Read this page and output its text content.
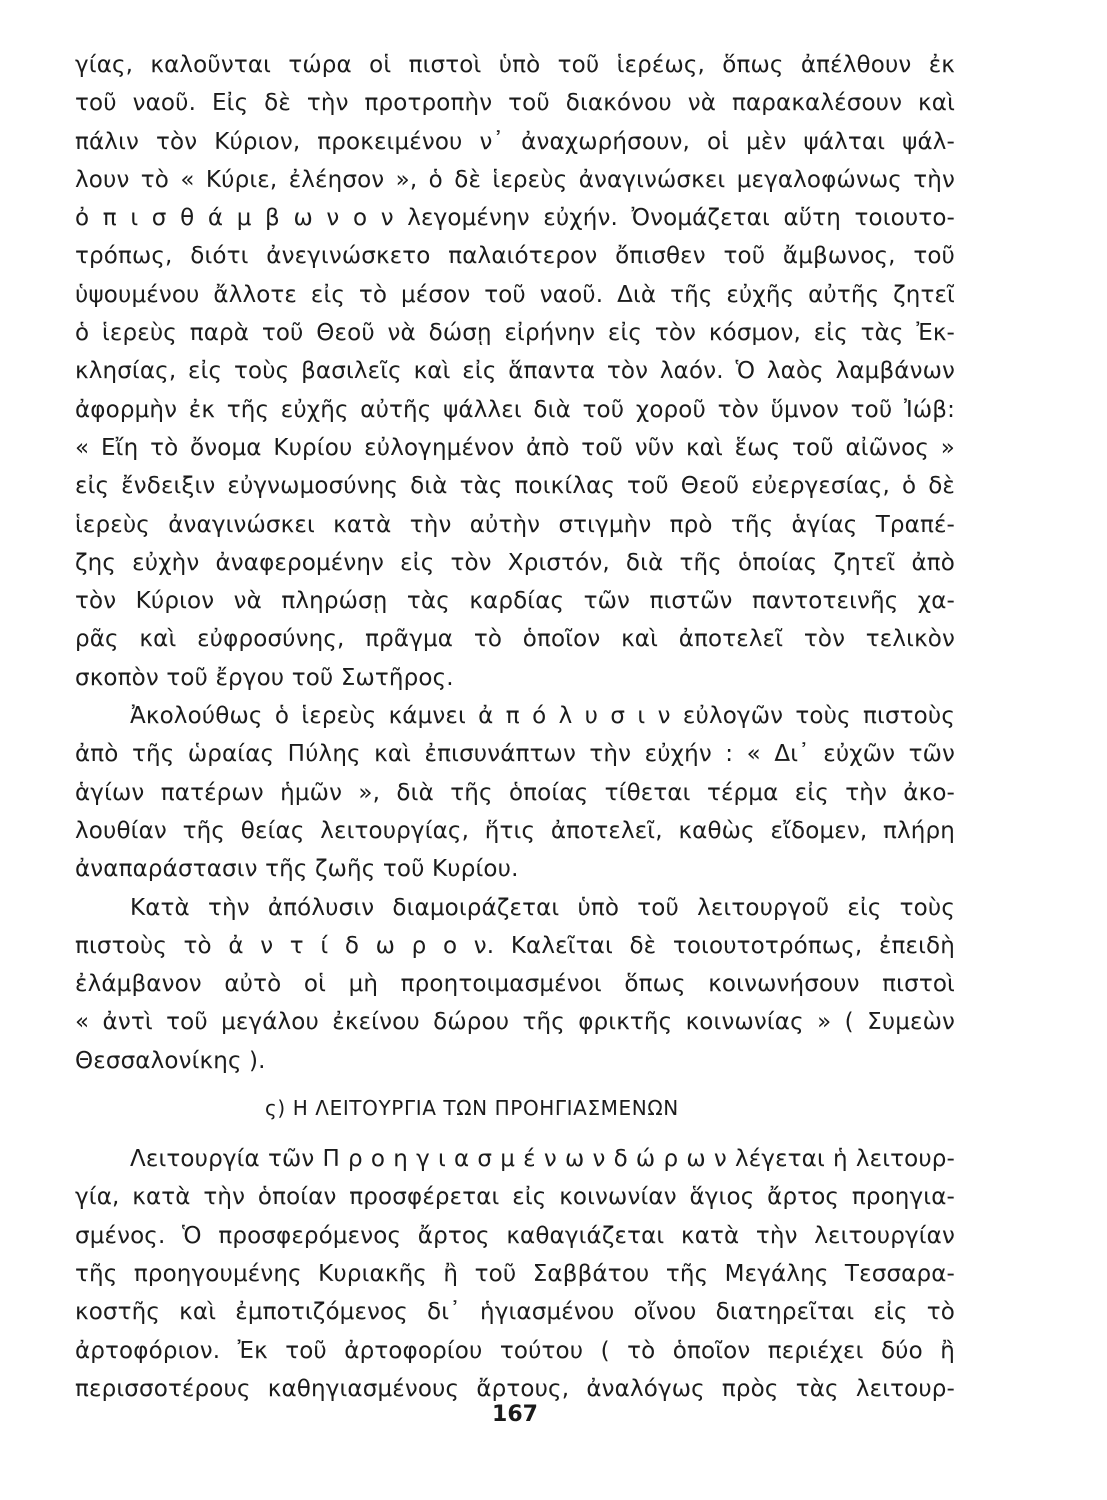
γίας, καλοῦνται τώρα οἱ πιστοὶ ὑπὸ τοῦ ἱερέως, ὅπως ἀπέλθουν ἐκ
τοῦ ναοῦ. Εἰς δὲ τὴν προτροπὴν τοῦ διακόνου νὰ παρακαλέσουν καὶ
πάλιν τὸν Κύριον, προκειμένου ν᾽ ἀναχωρήσουν, οἱ μὲν ψάλται ψάλ-
λουν τὸ « Κύριε, ἐλέησον », ὁ δὲ ἱερεὺς ἀναγινώσκει μεγαλοφώνως τὴν
ὀ π ι σ θ ά μ β ω ν ο ν λεγομένην εὐχήν. Ὀνομάζεται αὕτη τοιουτο-
τρόπως, διότι ἀνεγινώσκετο παλαιότερον ὄπισθεν τοῦ ἄμβωνος, τοῦ
ὑψουμένου ἄλλοτε εἰς τὸ μέσον τοῦ ναοῦ. Διὰ τῆς εὐχῆς αὐτῆς ζητεῖ
ὁ ἱερεὺς παρὰ τοῦ Θεοῦ νὰ δώσῃ εἰρήνην εἰς τὸν κόσμον, εἰς τὰς Ἐκ-
κλησίας, εἰς τοὺς βασιλεῖς καὶ εἰς ἅπαντα τὸν λαόν. Ὁ λαὸς λαμβάνων
ἀφορμὴν ἐκ τῆς εὐχῆς αὐτῆς ψάλλει διὰ τοῦ χοροῦ τὸν ὕμνον τοῦ Ἰώβ:
« Εἴη τὸ ὄνομα Κυρίου εὐλογημένον ἀπὸ τοῦ νῦν καὶ ἕως τοῦ αἰῶνος »
εἰς ἔνδειξιν εὐγνωμοσύνης διὰ τὰς ποικίλας τοῦ Θεοῦ εὐεργεσίας, ὁ δὲ
ἱερεὺς ἀναγινώσκει κατὰ τὴν αὐτὴν στιγμὴν πρὸ τῆς ἁγίας Τραπέ-
ζης εὐχὴν ἀναφερομένην εἰς τὸν Χριστόν, διὰ τῆς ὁποίας ζητεῖ ἀπὸ
τὸν Κύριον νὰ πληρώσῃ τὰς καρδίας τῶν πιστῶν παντοτεινῆς χα-
ρᾶς καὶ εὐφροσύνης, πρᾶγμα τὸ ὁποῖον καὶ ἀποτελεῖ τὸν τελικὸν
σκοπὸν τοῦ ἔργου τοῦ Σωτῆρος.
Ἀκολούθως ὁ ἱερεὺς κάμνει ἀ π ό λ υ σ ι ν εὐλογῶν τοὺς πιστοὺς
ἀπὸ τῆς ὡραίας Πύλης καὶ ἐπισυνάπτων τὴν εὐχήν : « Δι᾽ εὐχῶν τῶν
ἁγίων πατέρων ἡμῶν », διὰ τῆς ὁποίας τίθεται τέρμα εἰς τὴν ἀκο-
λουθίαν τῆς θείας λειτουργίας, ἥτις ἀποτελεῖ, καθὼς εἴδομεν, πλήρη
ἀναπαράστασιν τῆς ζωῆς τοῦ Κυρίου.
Κατὰ τὴν ἀπόλυσιν διαμοιράζεται ὑπὸ τοῦ λειτουργοῦ εἰς τοὺς
πιστοὺς τὸ ἀ ν τ ί δ ω ρ ο ν. Καλεῖται δὲ τοιουτοτρόπως, ἐπειδὴ
ἐλάμβανον αὐτὸ οἱ μὴ προητοιμασμένοι ὅπως κοινωνήσουν πιστοὶ
« ἀντὶ τοῦ μεγάλου ἐκείνου δώρου τῆς φρικτῆς κοινωνίας » ( Συμεὼν
Θεσσαλονίκης ).
ς) Η ΛΕΙΤΟΥΡΓΙΑ ΤΩΝ ΠΡΟΗΓΙΑΣΜΕΝΩΝ
Λειτουργία τῶν Π ρ ο η γ ι α σ μ έ ν ω ν δ ώ ρ ω ν λέγεται ἡ λειτουρ-
γία, κατὰ τὴν ὁποίαν προσφέρεται εἰς κοινωνίαν ἅγιος ἄρτος προηγια-
σμένος. Ὁ προσφερόμενος ἄρτος καθαγιάζεται κατὰ τὴν λειτουργίαν
τῆς προηγουμένης Κυριακῆς ἢ τοῦ Σαββάτου τῆς Μεγάλης Τεσσαρα-
κοστῆς καὶ ἐμποτιζόμενος δι᾽ ἡγιασμένου οἴνου διατηρεῖται εἰς τὸ
ἀρτοφόριον. Ἐκ τοῦ ἀρτοφορίου τούτου ( τὸ ὁποῖον περιέχει δύο ἢ
περισσοτέρους καθηγιασμένους ἄρτους, ἀναλόγως πρὸς τὰς λειτουρ-
167
